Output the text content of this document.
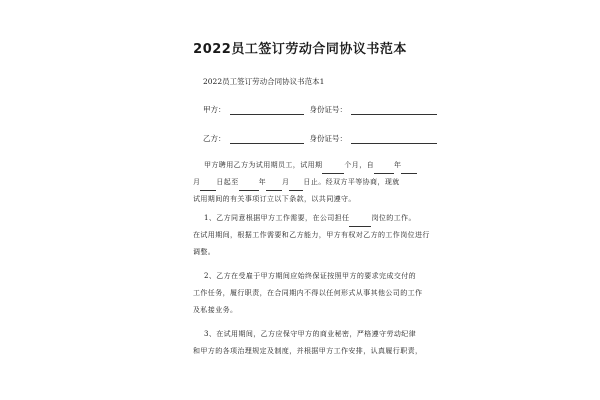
2022员工签订劳动合同协议书范本
2022员工签订劳动合同协议书范本1
甲方：	身份证号：
乙方：	身份证号：
甲方聘用乙方为试用期员工，试用期	个月，自	年
月 日起至	年 月 日止。经双方平等协商，现就
试用期间的有关事项订立以下条款，以共同遵守。
1、乙方同意根据甲方工作需要，在公司担任	岗位的工作。
在试用期间，根据工作需要和乙方能力，甲方有权对乙方的工作岗位进行
调整。
2、乙方在受雇于甲方期间应始终保证按照甲方的要求完成交付的
工作任务，履行职责，在合同期内不得以任何形式从事其他公司的工作
及私接业务。
3、在试用期间，乙方应保守甲方的商业秘密，严格遵守劳动纪律
和甲方的各项治理规定及制度，并根据甲方工作安排，认真履行职责，
